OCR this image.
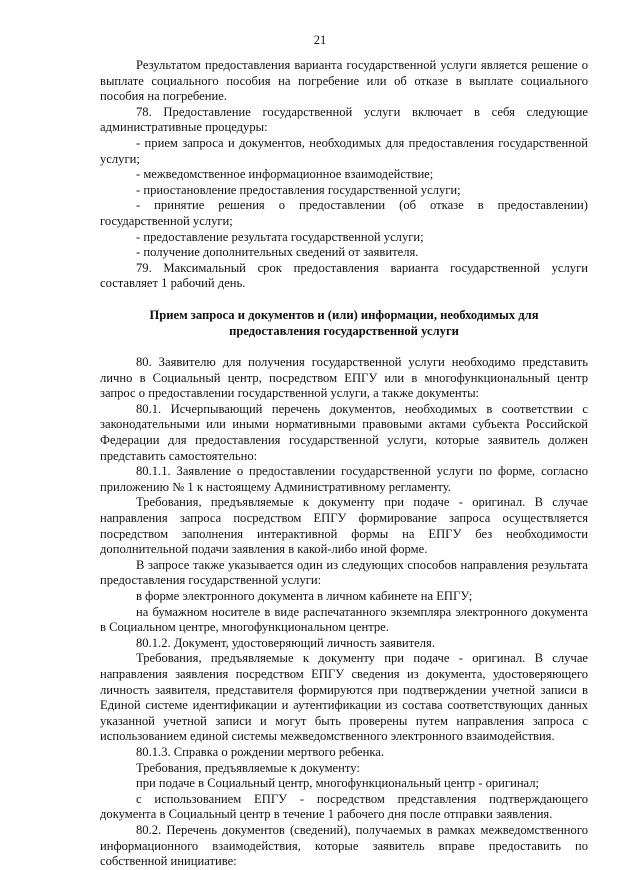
21

Результатом предоставления варианта государственной услуги является решение о выплате социального пособия на погребение или об отказе в выплате социального пособия на погребение.

78. Предоставление государственной услуги включает в себя следующие административные процедуры:

- прием запроса и документов, необходимых для предоставления государственной услуги;

- межведомственное информационное взаимодействие;

- приостановление предоставления государственной услуги;

- принятие решения о предоставлении (об отказе в предоставлении) государственной услуги;

- предоставление результата государственной услуги;

- получение дополнительных сведений от заявителя.

79. Максимальный срок предоставления варианта государственной услуги составляет 1 рабочий день.

Прием запроса и документов и (или) информации, необходимых для предоставления государственной услуги

80. Заявителю для получения государственной услуги необходимо представить лично в Социальный центр, посредством ЕПГУ или в многофункциональный центр запрос о предоставлении государственной услуги, а также документы:

80.1. Исчерпывающий перечень документов, необходимых в соответствии с законодательными или иными нормативными правовыми актами субъекта Российской Федерации для предоставления государственной услуги, которые заявитель должен представить самостоятельно:

80.1.1. Заявление о предоставлении государственной услуги по форме, согласно приложению № 1 к настоящему Административному регламенту.

Требования, предъявляемые к документу при подаче - оригинал. В случае направления запроса посредством ЕПГУ формирование запроса осуществляется посредством заполнения интерактивной формы на ЕПГУ без необходимости дополнительной подачи заявления в какой-либо иной форме.

В запросе также указывается один из следующих способов направления результата предоставления государственной услуги:

в форме электронного документа в личном кабинете на ЕПГУ;

на бумажном носителе в виде распечатанного экземпляра электронного документа в Социальном центре, многофункциональном центре.

80.1.2. Документ, удостоверяющий личность заявителя.

Требования, предъявляемые к документу при подаче - оригинал. В случае направления заявления посредством ЕПГУ сведения из документа, удостоверяющего личность заявителя, представителя формируются при подтверждении учетной записи в Единой системе идентификации и аутентификации из состава соответствующих данных указанной учетной записи и могут быть проверены путем направления запроса с использованием единой системы межведомственного электронного взаимодействия.

80.1.3. Справка о рождении мертвого ребенка.

Требования, предъявляемые к документу:

при подаче в Социальный центр, многофункциональный центр - оригинал;

с использованием ЕПГУ - посредством представления подтверждающего документа в Социальный центр в течение 1 рабочего дня после отправки заявления.

80.2. Перечень документов (сведений), получаемых в рамках межведомственного информационного взаимодействия, которые заявитель вправе предоставить по собственной инициативе:
